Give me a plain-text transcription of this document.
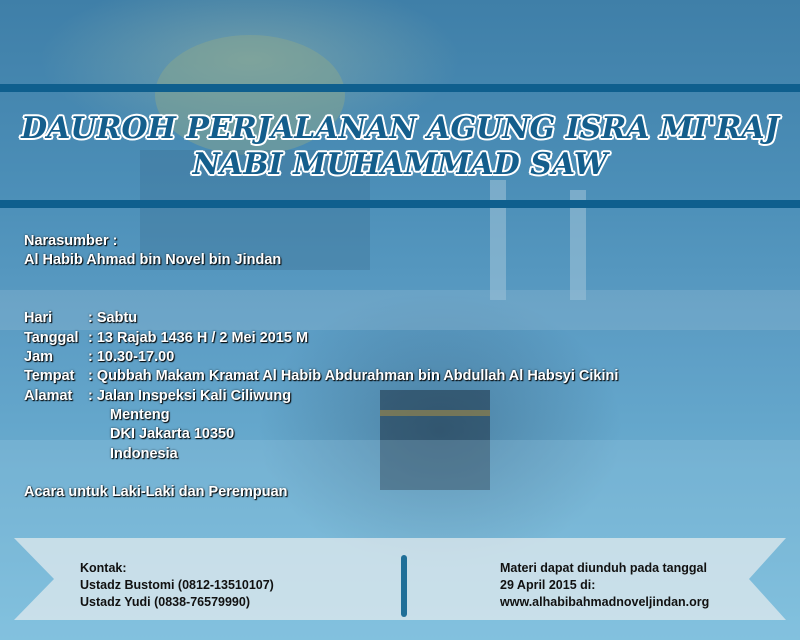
DAUROH PERJALANAN AGUNG ISRA MI'RAJ
NABI MUHAMMAD SAW
Narasumber :
Al Habib Ahmad bin Novel bin Jindan
Hari : Sabtu
Tanggal : 13 Rajab 1436 H / 2 Mei 2015 M
Jam : 10.30-17.00
Tempat : Qubbah Makam Kramat Al Habib Abdurahman bin Abdullah Al Habsyi Cikini
Alamat : Jalan Inspeksi Kali Ciliwung
Menteng
DKI Jakarta 10350
Indonesia
Acara untuk Laki-Laki dan Perempuan
Kontak:
Ustadz Bustomi (0812-13510107)
Ustadz Yudi (0838-76579990)
Materi dapat diunduh pada tanggal
29 April 2015 di:
www.alhabibahmadnoveljindan.org
